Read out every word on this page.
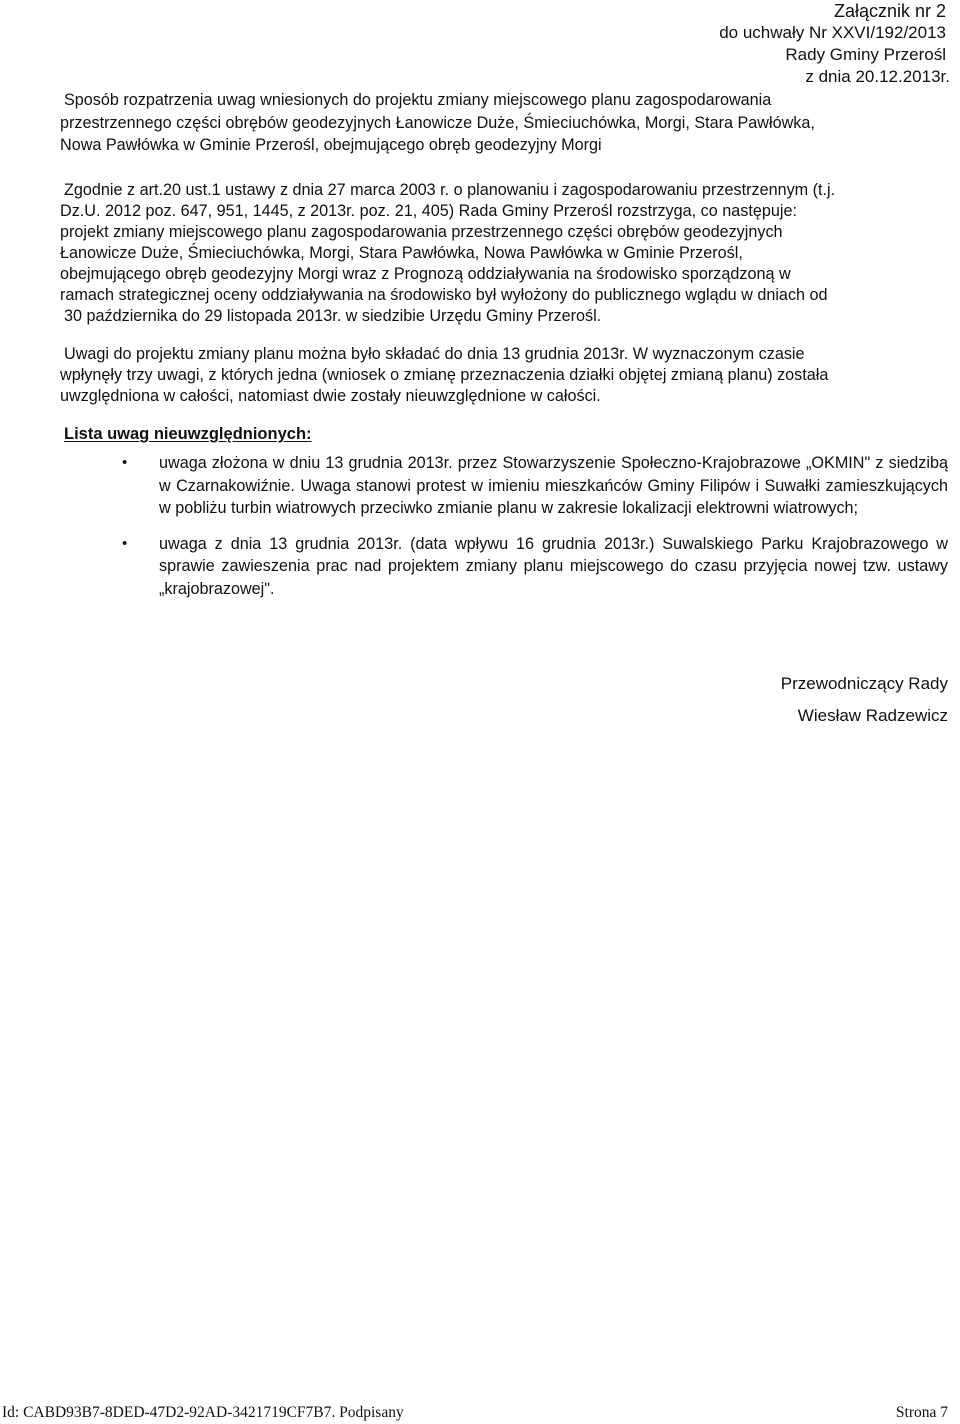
Załącznik nr 2
do uchwały Nr XXVI/192/2013
Rady Gminy Przerośl
z dnia 20.12.2013r.
Sposób rozpatrzenia uwag wniesionych do projektu zmiany miejscowego planu zagospodarowania
przestrzennego części obrębów geodezyjnych Łanowicze Duże, Śmieciuchówka, Morgi, Stara Pawłówka,
Nowa Pawłówka w Gminie Przerośl, obejmującego obręb geodezyjny Morgi
Zgodnie z art.20 ust.1 ustawy z dnia 27 marca 2003 r. o planowaniu i zagospodarowaniu przestrzennym (t.j.
Dz.U. 2012 poz. 647, 951, 1445, z 2013r. poz. 21, 405) Rada Gminy Przerośl rozstrzyga, co następuje:
projekt zmiany miejscowego planu zagospodarowania przestrzennego części obrębów geodezyjnych
Łanowicze Duże, Śmieciuchówka, Morgi, Stara Pawłówka, Nowa Pawłówka w Gminie Przerośl,
obejmującego obręb geodezyjny Morgi wraz z Prognozą oddziaływania na środowisko sporządzoną w
ramach strategicznej oceny oddziaływania na środowisko był wyłożony do publicznego wglądu w dniach od
30 października do 29 listopada 2013r. w siedzibie Urzędu Gminy Przerośl.
Uwagi do projektu zmiany planu można było składać do dnia 13 grudnia 2013r. W wyznaczonym czasie
wpłynęły trzy uwagi, z których jedna (wniosek o zmianę przeznaczenia działki objętej zmianą planu) została
uwzględniona w całości, natomiast dwie zostały nieuwzględnione w całości.
Lista uwag nieuwzględnionych:
• uwaga złożona w dniu 13 grudnia 2013r. przez Stowarzyszenie Społeczno-Krajobrazowe „OKMIN" z siedzibą w Czarnakowiźnie. Uwaga stanowi protest w imieniu mieszkańców Gminy Filipów i Suwałki zamieszkujących w pobliżu turbin wiatrowych przeciwko zmianie planu w zakresie lokalizacji elektrowni wiatrowych;
• uwaga z dnia 13 grudnia 2013r. (data wpływu 16 grudnia 2013r.) Suwalskiego Parku Krajobrazowego w sprawie zawieszenia prac nad projektem zmiany planu miejscowego do czasu przyjęcia nowej tzw. ustawy „krajobrazowej".
Przewodniczący Rady
Wiesław Radzewicz
Id: CABD93B7-8DED-47D2-92AD-3421719CF7B7. Podpisany	Strona 7
